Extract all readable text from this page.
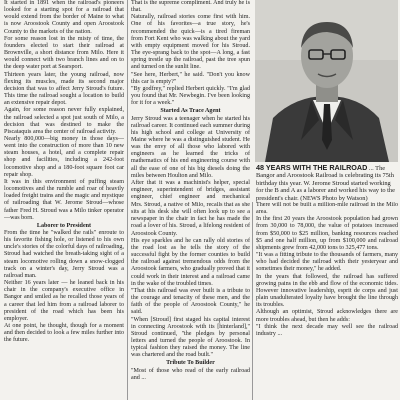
It started in 1891 when the railroad's pioneers looked for a starting spot for a railroad that would extend from the border of Maine to what is now Aroostook County and open Aroostook County to the markets of the nation.

For some reason lost in the misty of time, the founders elected to start their railroad at Brownville, a short distance from Milo. Here it would connect with two branch lines and on to the deep water port at Searsport.

Thirteen years later, the young railroad, now flexing its muscles, made its second major decision that was to affect Jerry Stroud's future. This time the railroad sought a location to build an extensive repair depot.

Again, for some reason never fully explained, the railroad selected a spot just south of Milo, a decision that was destined to make the Piscataquis area the center of railroad activity.

Nearly 800,000—big money in those days—went into the construction of more than 10 new steam houses, a hotel, and a complete repair shop and facilities, including a 242-foot locomotive shop and a 180-foot square foot car repair shop.

It was in this environment of puffing steam locomotives and the rumble and roar of heavily loaded freight trains and the magic and mystique of railroading that W. Jerome Stroud—whose father Fred H. Stroud was a Milo tinker operator—was born.

Laborer to President

From the time he "walked the rails" enroute to his favorite fishing hole, or listened to his own uncle's stories of the colorful days of railroading, Stroud had watched the breath-taking sight of a steam locomotive rolling down a snow-clogged track on a winter's day, Jerry Stroud was a railroad man.

Neither 16 years later — he leaned back in his chair in the company's executive office in Bangor and smiled as he recalled those years of a career that led him from a railroad laborer to president of the road which has been his employer.

At one point, he thought, though for a moment and then decided to look a few miles further into the future.

That is the supreme compliment. And truly he is that.

Naturally, railroad stories come first with him. One of his favorites—a true story, he's recommended the quick—is a tired fireman from Fort Kent who was walking about the yard with empty equipment moved for his Stroud. The eye-sprang back to the spot—A long, a fast spring trestle up the railroad, past the tree spun and turned on the sunlit line.

"See here, Herbert," he said. "Don't you know this car is empty?"

"By godfrey," replied Herbert quickly. "I'm glad you found that Mr. Newbegin. I've been looking for it for a week."

Started As Trace Agent

Jerry Stroud was a teenager when he started his railroad career. It continued each summer during his high school and college at University of Maine where he was a distinguished student. He was the envy of all those who labored with engineers as he learned the tricks of mathematics of his end engineering course with all the ease of one of his big diesels doing the miles between Houlton and Milo.

After that it was a machinist's helper, special engineer, superintendent of bridges, assistant engineer, chief engineer and mechanical

48 YEARS WITH THE RAILROAD ... The Bangor and Aroostook Railroad is celebrating its 75th birthday this year. W. Jerome Stroud started working for the B and A as a laborer and worked his way to the president's chair. (NEWS Photo by Watson)

Mrs. Stroud, a native of Milo, recalls that as she sits at his desk she will often look up to see a newspaper in the chair in fact he has made the road a lover of his. Stroud, a lifelong resident of Aroostook County.

His eye sparkles and he can rally old stories of the road lost as he tells the story of the successful fight by the former counties to build the railroad against tremendous odds from the Aroostook farmers, who gradually proved that it could work in their interest and a railroad came in the wake of the troubled times.

"That this railroad was ever built is a tribute to the courage and tenacity of these men, and the faith of the people of Aroostook County," he said.

"When [Stroud] first staged his capital interest in connecting Aroostook with its [hinterland]," Stroud continued, "the pledges by personal letters and turned the people of Aroostook. In typical fashion they raised the money. The line was chartered and the road built."

Tribute To Builder

"Most of those who read of the early railroad and ...

There will not be built a million-mile railroad in the Milo area.

In the first 20 years the Aroostook population had grown from 30,000 to 78,000, the value of potatoes increased from $50,000 to $25 million, banking resources reached $5 and one half million, up from $100,000 and railroad shipments grew from 42,000 tons to 325,477 tons.

"It was a fitting tribute to the thousands of farmers, many who had decided the railroad with their yesteryear and sometimes their money," he added.

In the years that followed, the railroad has suffered growing pains in the ebb and flow of the economic tides. However innovative leadership, esprit de corps and just plain unadulterated loyalty have brought the line through its troubles.

Although an optimist, Stroud acknowledges there are more troubles ahead, but then he adds:

"I think the next decade may well see the railroad industry ...
